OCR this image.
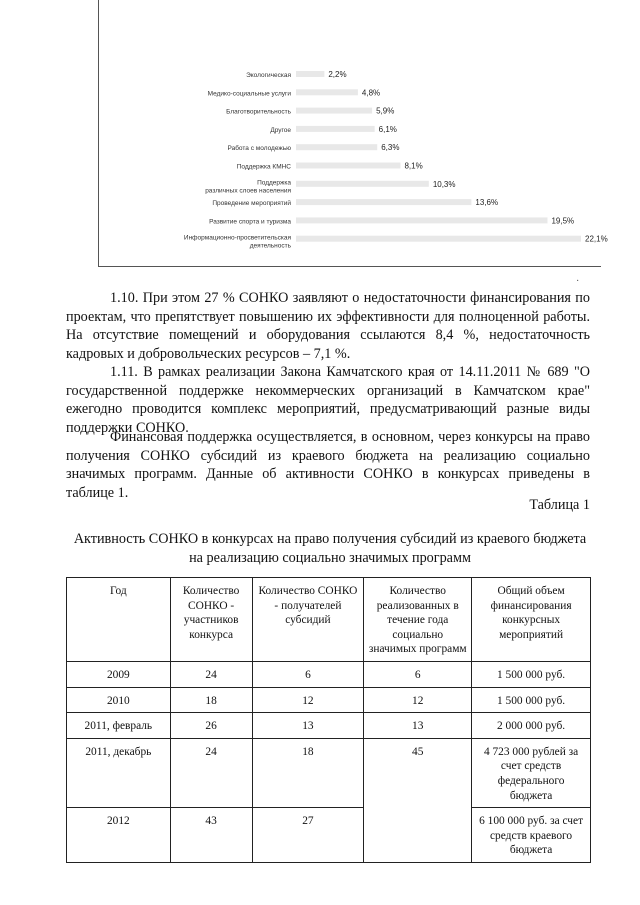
Экологическая	2,2%
Медико-социальные услуги	4,8%
Благотворительность	5,9%
Другое	6,1%
Работа с молодежью	6,3%
Поддержка КМНС	8,1%
Поддержка различных слоев населения
10,3%
Проведение мероприятий	13,6%
Развитие спорта и туризма	19,5%
Информационно-просветительская деятельность
22,1%

1.10. При этом 27 % СОНКО заявляют о недостаточности финансирования по проектам, что препятствует повышению их эффективности для полноценной работы. На отсутствие помещений и оборудования ссылаются 8,4 %, недостаточность кадровых и добровольческих ресурсов – 7,1 %.

1.11. В рамках реализации Закона Камчатского края от 14.11.2011 № 689 "О государственной поддержке некоммерческих организаций в Камчатском крае" ежегодно проводится комплекс мероприятий, предусматривающий разные виды поддержки СОНКО.

Финансовая поддержка осуществляется, в основном, через конкурсы на право получения СОНКО субсидий из краевого бюджета на реализацию социально значимых программ. Данные об активности СОНКО в конкурсах приведены в таблице 1.

Таблица 1
Активность СОНКО в конкурсах на право получения субсидий из краевого бюджета на реализацию социально значимых программ
Год	Количество СОНКО - участников конкурса	Количество СОНКО - получателей субсидий	Количество реализованных в течение года социально значимых программ	Общий объем финансирования конкурсных мероприятий
2009	24	6	6	1 500 000 руб.
2010	18	12	12	1 500 000 руб.
2011, февраль	26	13	13	2 000 000 руб.
2011, декабрь	24	18	45	4 723 000 рублей за счет средств федерального бюджета
2012	43	27		6 100 000 руб. за счет средств краевого бюджета
·
